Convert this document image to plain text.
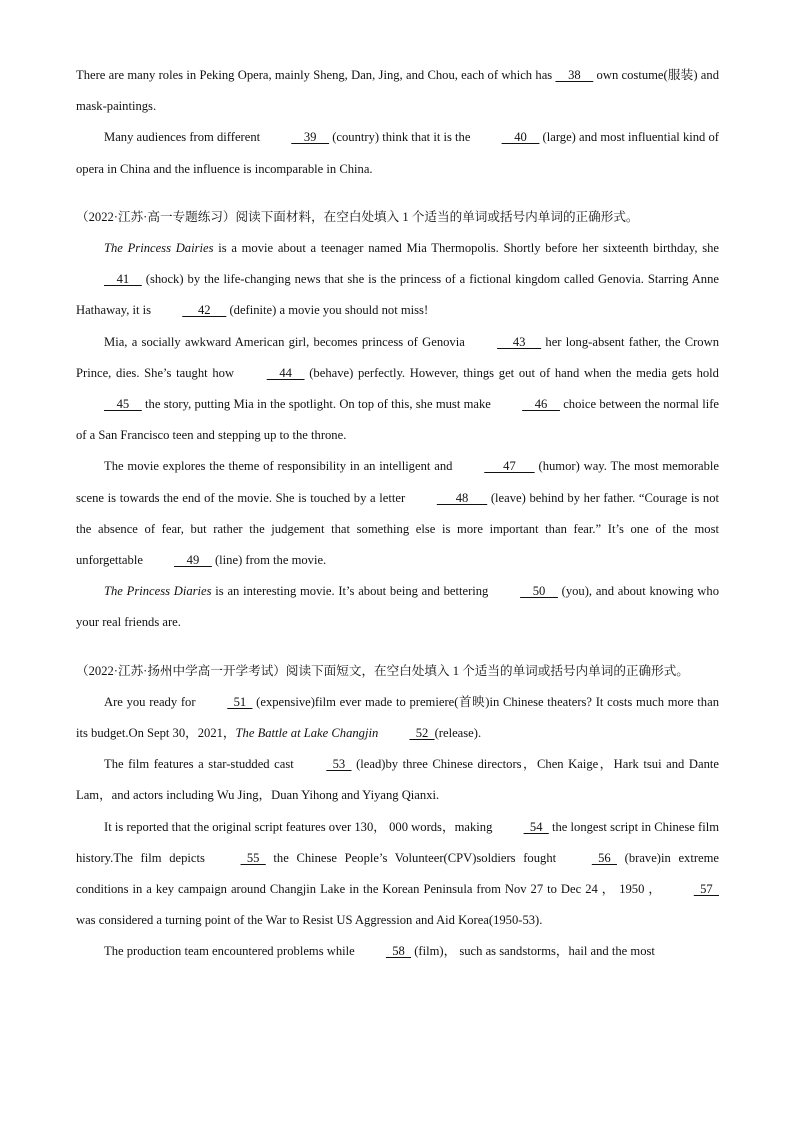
There are many roles in Peking Opera, mainly Sheng, Dan, Jing, and Chou, each of which has     38     own costume(服装) and mask-paintings.

Many audiences from different     39     (country) think that it is the     40     (large) and most influential kind of opera in China and the influence is incomparable in China.

（2022·江苏·高一专题练习）阅读下面材料，在空白处填入 1 个适当的单词或括号内单词的正确形式。

The Princess Dairies is a movie about a teenager named Mia Thermopolis. Shortly before her sixteenth birthday, she     41     (shock) by the life-changing news that she is the princess of a fictional kingdom called Genovia. Starring Anne Hathaway, it is      42      (definite) a movie you should not miss!

Mia, a socially awkward American girl, becomes princess of Genovia      43      her long-absent father, the Crown Prince, dies. She’s taught how     44     (behave) perfectly. However, things get out of hand when the media gets hold     45     the story, putting Mia in the spotlight. On top of this, she must make     46     choice between the normal life of a San Francisco teen and stepping up to the throne.

The movie explores the theme of responsibility in an intelligent and       47       (humor) way. The most memorable scene is towards the end of the movie. She is touched by a letter       48       (leave) behind by her father. “Courage is not the absence of fear, but rather the judgement that something else is more important than fear.” It’s one of the most unforgettable     49     (line) from the movie.

The Princess Diaries is an interesting movie. It’s about being and bettering     50     (you), and about knowing who your real friends are.

（2022·江苏·扬州中学高一开学考试）阅读下面短文，在空白处填入 1 个适当的单词或括号内单词的正确形式。

Are you ready for   51   (expensive)film ever made to premiere(首映)in Chinese theaters? It costs much more than its budget.On Sept 30，2021，The Battle at Lake Changjin   52  (release).

The film features a star-studded cast   53   (lead)by three Chinese directors，Chen Kaige，Hark tsui and Dante Lam，and actors including Wu Jing，Duan Yihong and Yiyang Qianxi.

It is reported that the original script features over 130， 000 words，making   54   the longest script in Chinese film history.The film depicts   55   the Chinese People’s Volunteer(CPV)soldiers fought   56   (brave)in extreme conditions in a key campaign around Changjin Lake in the Korean Peninsula from Nov 27 to Dec 24 ， 1950 ，   57   was considered a turning point of the War to Resist US Aggression and Aid Korea(1950-53).

The production team encountered problems while   58   (film)， such as sandstorms，hail and the most
